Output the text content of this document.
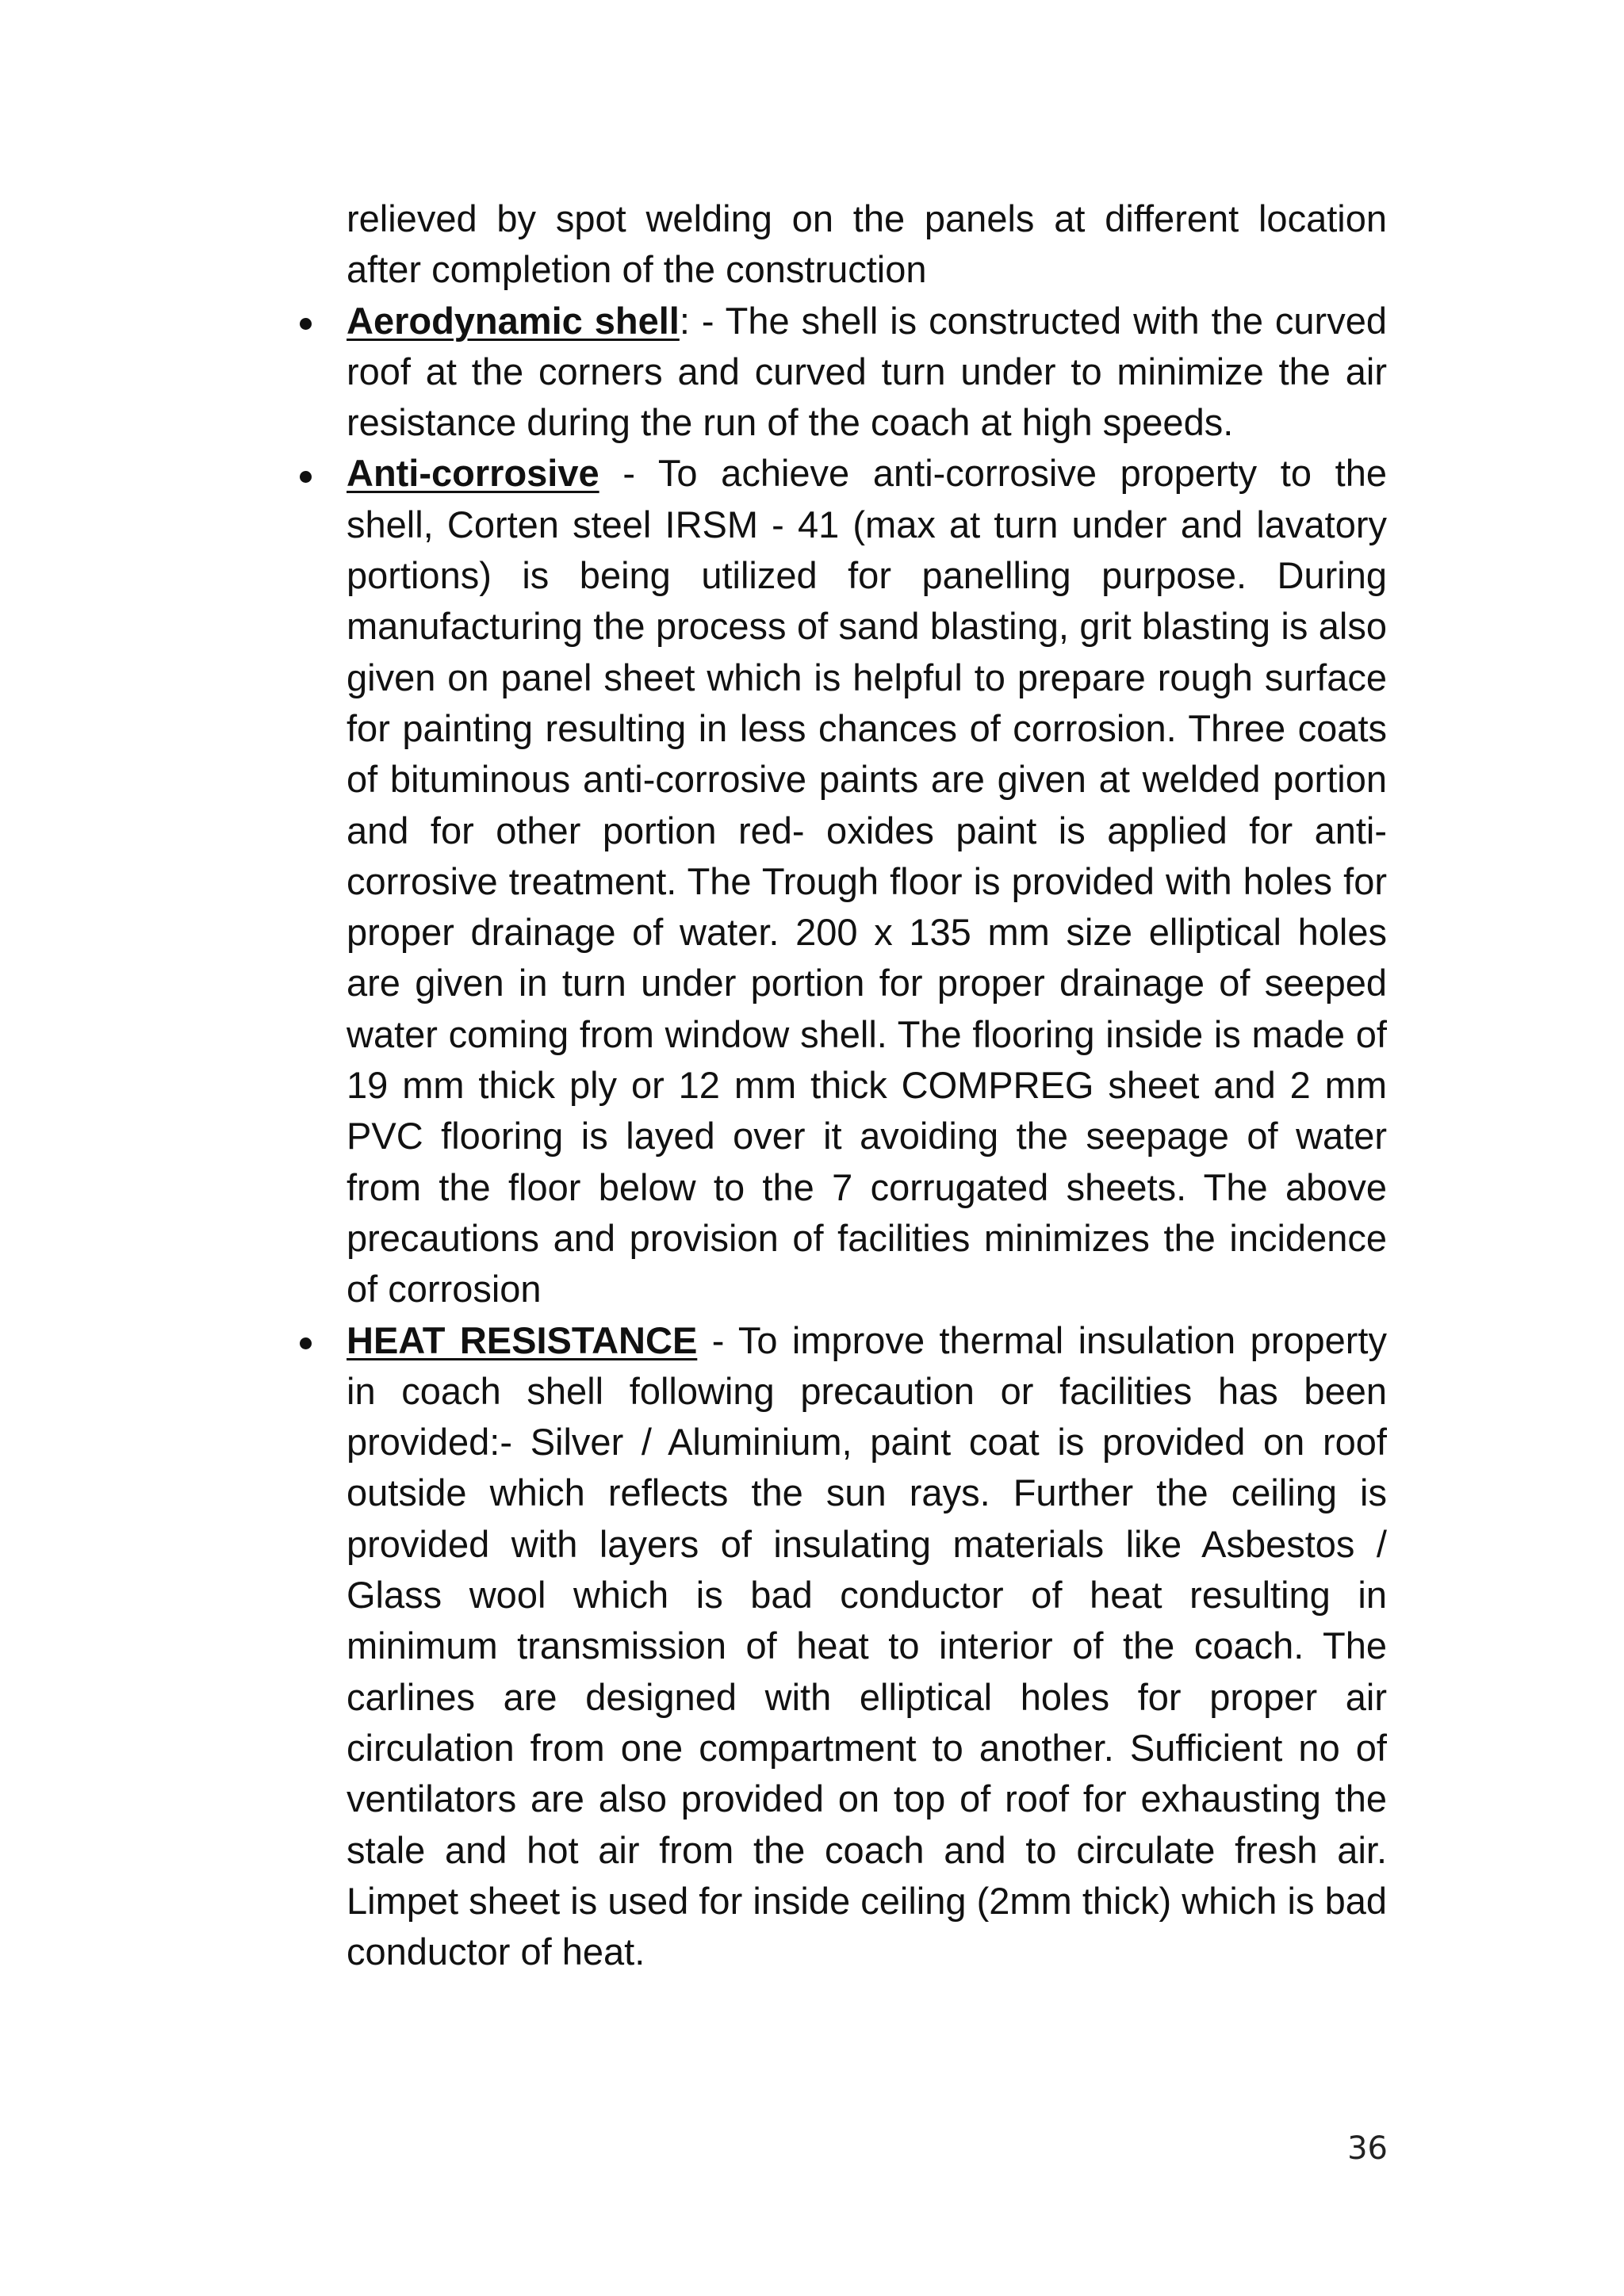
relieved by spot welding on the panels at different location after completion of the construction

Aerodynamic shell: - The shell is constructed with the curved roof at the corners and curved turn under to minimize the air resistance during the run of the coach at high speeds.

Anti-corrosive - To achieve anti-corrosive property to the shell, Corten steel IRSM - 41 (max at turn under and lavatory portions) is being utilized for panelling purpose. During manufacturing the process of sand blasting, grit blasting is also given on panel sheet which is helpful to prepare rough surface for painting resulting in less chances of corrosion. Three coats of bituminous anti-corrosive paints are given at welded portion and for other portion red- oxides paint is applied for anti-corrosive treatment. The Trough floor is provided with holes for proper drainage of water. 200 x 135 mm size elliptical holes are given in turn under portion for proper drainage of seeped water coming from window shell. The flooring inside is made of 19 mm thick ply or 12 mm thick COMPREG sheet and 2 mm PVC flooring is layed over it avoiding the seepage of water from the floor below to the 7 corrugated sheets. The above precautions and provision of facilities minimizes the incidence of corrosion

HEAT RESISTANCE - To improve thermal insulation property in coach shell following precaution or facilities has been provided:- Silver / Aluminium, paint coat is provided on roof outside which reflects the sun rays. Further the ceiling is provided with layers of insulating materials like Asbestos / Glass wool which is bad conductor of heat resulting in minimum transmission of heat to interior of the coach. The carlines are designed with elliptical holes for proper air circulation from one compartment to another. Sufficient no of ventilators are also provided on top of roof for exhausting the stale and hot air from the coach and to circulate fresh air. Limpet sheet is used for inside ceiling (2mm thick) which is bad conductor of heat.

36
